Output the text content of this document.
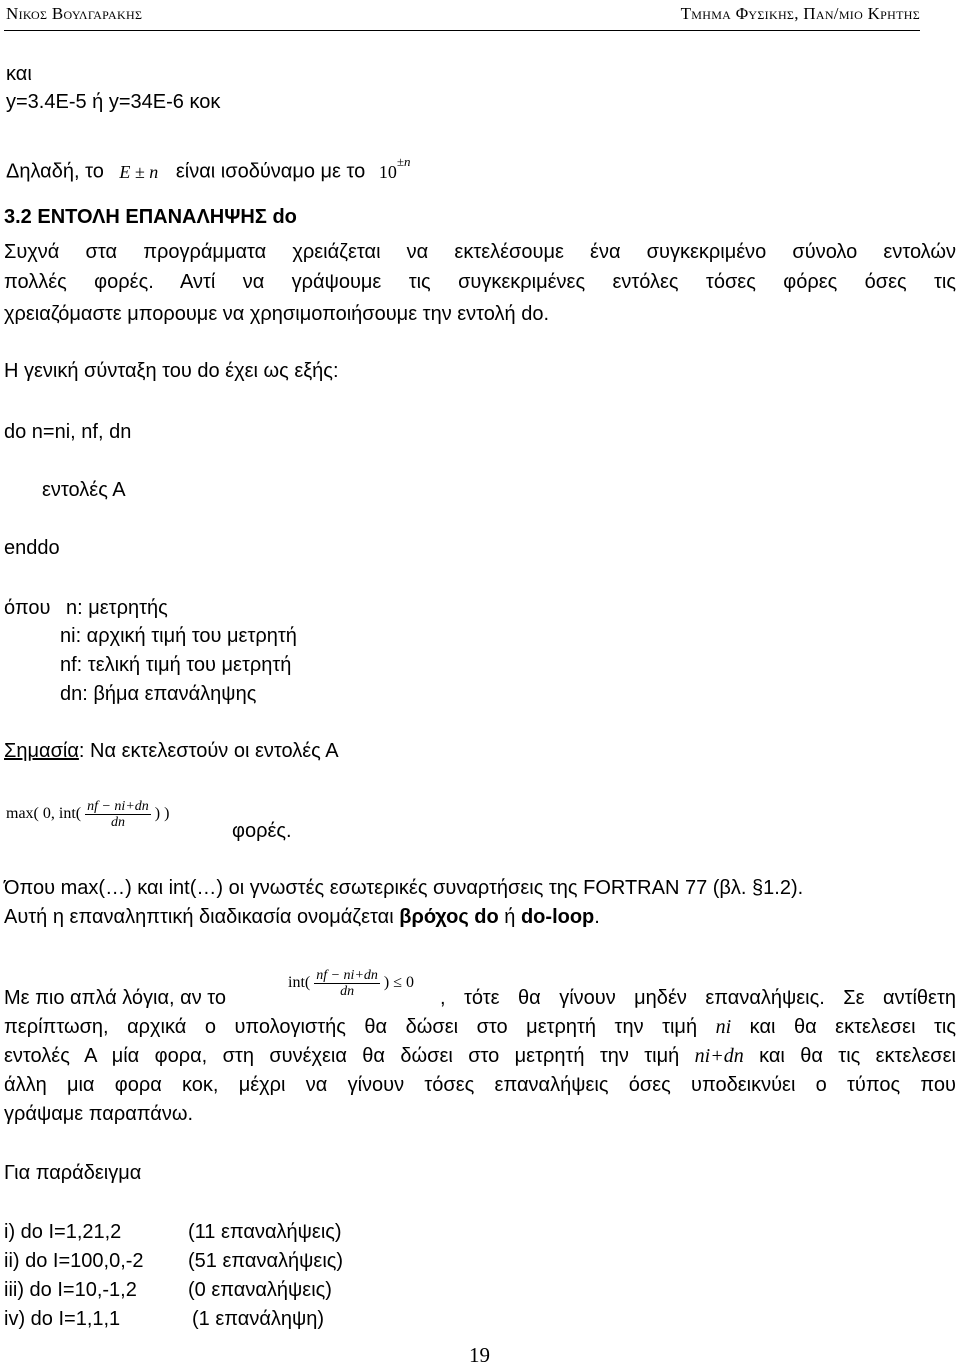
Νικος Βουλγαρακης	Τμημα Φυσικης, Παν/μιο Κρητης
και
y=3.4E-5 ή y=34E-6 κοκ
Δηλαδή, το E ± n είναι ισοδύναμο με το $10^{\pm n}$
3.2 ΕΝΤΟΛΗ ΕΠΑΝΑΛΗΨΗΣ do
Συχνά στα προγράμματα χρειάζεται να εκτελέσουμε ένα συγκεκριμένο σύνολο εντολών
πολλές φορές. Αντί να γράψουμε τις συγκεκριμένες εντόλες τόσες φόρες όσες τις
χρειαζόμαστε μπορουμε να χρησιμοποιήσουμε την εντολή do.
Η γενική σύνταξη του do έχει ως εξής:
do n=ni, nf, dn
εντολές Α
enddo
όπου n: μετρητής
ni: αρχική τιμή του μετρητή
nf: τελική τιμή του μετρητή
dn: βήμα επανάληψης
Σημασία: Να εκτελεστούν οι εντολές Α
max( 0, $int( \frac{nf - ni+dn}{dn}$ ) )
φορές.
Όπου max(…) και int(…) οι γνωστές εσωτερικές συναρτήσεις της FORTRAN 77 (βλ. §1.2).
Αυτή η επαναληπτική διαδικασία ονομάζεται βρόχος do ή do-loop.
Με πιο απλά λόγια, αν το
$int( \frac{nf - ni+dn}{dn}$ ) ≤ 0
, τότε θα γίνουν μηδέν επαναλήψεις. Σε αντίθετη
περίπτωση, αρχικά ο υπολογιστής θα δώσει στο μετρητή την τιμή ni και θα εκτελεσει τις
εντολές Α μία φορα, στη συνέχεια θα δώσει στο μετρητή την τιμή ni+dn και θα τις εκτελεσει
άλλη μια φορα κοκ, μέχρι να γίνουν τόσες επαναλήψεις όσες υποδεικνύει ο τύπος που
γράψαμε παραπάνω.
Για παράδειγμα
i) do I=1,21,2	(11 επαναλήψεις)
ii) do I=100,0,-2 (51 επαναλήψεις)
iii) do I=10,-1,2	(0 επαναλήψεις)
iv) do I=1,1,1	(1 επανάληψη)
19
